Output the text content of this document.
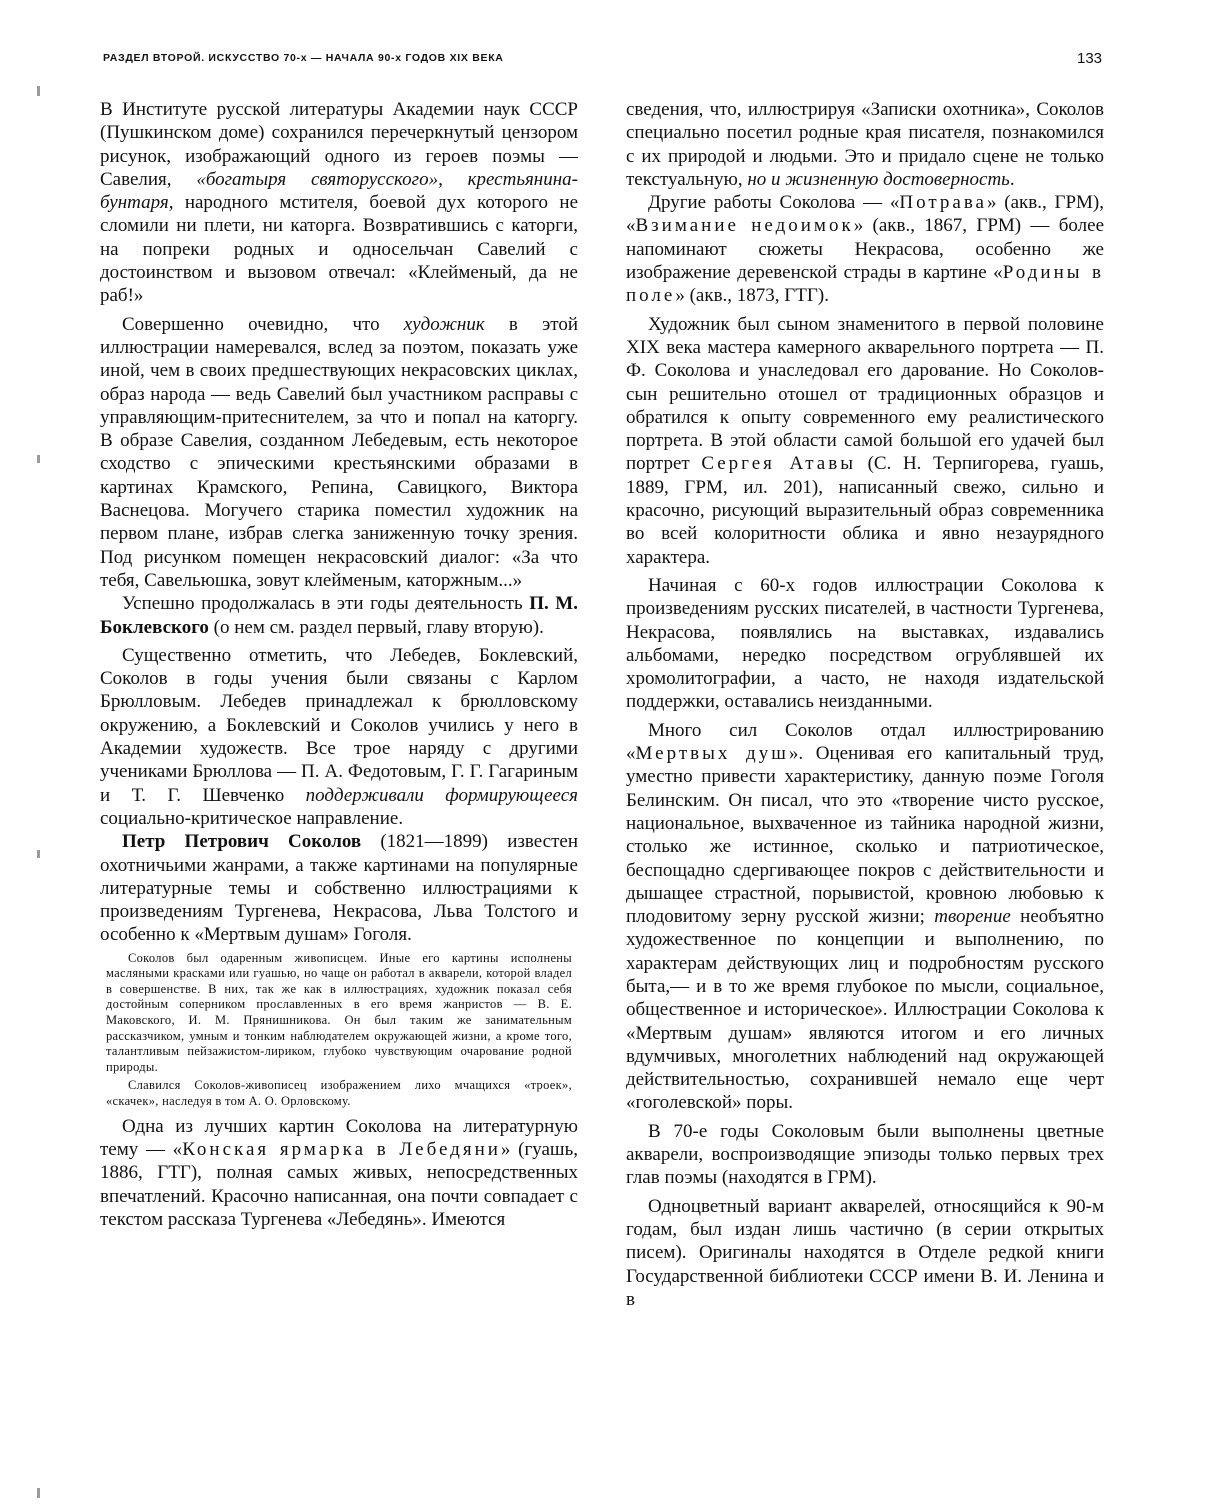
РАЗДЕЛ ВТОРОЙ. ИСКУССТВО 70-х — НАЧАЛА 90-х ГОДОВ XIX ВЕКА	133

В Институте русской литературы Академии наук СССР (Пушкинском доме) сохранился перечеркнутый цензором рисунок, изображающий одного из героев поэмы — Савелия, «богатыря святорусского», крестьянина-бунтаря, народного мстителя, боевой дух которого не сломили ни плети, ни каторга. Возвратившись с каторги, на попреки родных и односельчан Савелий с достоинством и вызовом отвечал: «Клейменый, да не раб!»

Совершенно очевидно, что художник в этой иллюстрации намеревался, вслед за поэтом, показать уже иной, чем в своих предшествующих некрасовских циклах, образ народа — ведь Савелий был участником расправы с управляющим-притеснителем, за что и попал на каторгу. В образе Савелия, созданном Лебедевым, есть некоторое сходство с эпическими крестьянскими образами в картинах Крамского, Репина, Савицкого, Виктора Васнецова. Могучего старика поместил художник на первом плане, избрав слегка заниженную точку зрения. Под рисунком помещен некрасовский диалог: «За что тебя, Савельюшка, зовут клейменым, каторжным...»

Успешно продолжалась в эти годы деятельность П. М. Боклевского (о нем см. раздел первый, главу вторую).

Существенно отметить, что Лебедев, Боклевский, Соколов в годы учения были связаны с Карлом Брюлловым. Лебедев принадлежал к брюлловскому окружению, а Боклевский и Соколов учились у него в Академии художеств. Все трое наряду с другими учениками Брюллова — П. А. Федотовым, Г. Г. Гагариным и Т. Г. Шевченко поддерживали формирующееся социально-критическое направление.

Петр Петрович Соколов (1821—1899) известен охотничьими жанрами, а также картинами на популярные литературные темы и собственно иллюстрациями к произведениям Тургенева, Некрасова, Льва Толстого и особенно к «Мертвым душам» Гоголя.

Соколов был одаренным живописцем. Иные его картины исполнены масляными красками или гуашью, но чаще он работал в акварели, которой владел в совершенстве. В них, так же как в иллюстрациях, художник показал себя достойным соперником прославленных в его время жанристов — В. Е. Маковского, И. М. Прянишникова. Он был таким же занимательным рассказчиком, умным и тонким наблюдателем окружающей жизни, а кроме того, талантливым пейзажистом-лириком, глубоко чувствующим очарование родной природы.

Славился Соколов-живописец изображением лихо мчащихся «троек», «скачек», наследуя в том А. О. Орловскому.

Одна из лучших картин Соколова на литературную тему — «Конская ярмарка в Лебедяни» (гуашь, 1886, ГТГ), полная самых живых, непосредственных впечатлений. Красочно написанная, она почти совпадает с текстом рассказа Тургенева «Лебедянь». Имеются

сведения, что, иллюстрируя «Записки охотника», Соколов специально посетил родные края писателя, познакомился с их природой и людьми. Это и придало сцене не только текстуальную, но и жизненную достоверность.

Другие работы Соколова — «Потрава» (акв., ГРМ), «Взимание недоимок» (акв., 1867, ГРМ) — более напоминают сюжеты Некрасова, особенно же изображение деревенской страды в картине «Родины в поле» (акв., 1873, ГТГ).

Художник был сыном знаменитого в первой половине XIX века мастера камерного акварельного портрета — П. Ф. Соколова и унаследовал его дарование. Но Соколов-сын решительно отошел от традиционных образцов и обратился к опыту современного ему реалистического портрета. В этой области самой большой его удачей был портрет Сергея Атавы (С. Н. Терпигорева, гуашь, 1889, ГРМ, ил. 201), написанный свежо, сильно и красочно, рисующий выразительный образ современника во всей колоритности облика и явно незаурядного характера.

Начиная с 60-х годов иллюстрации Соколова к произведениям русских писателей, в частности Тургенева, Некрасова, появлялись на выставках, издавались альбомами, нередко посредством огрублявшей их хромолитографии, а часто, не находя издательской поддержки, оставались неизданными.

Много сил Соколов отдал иллюстрированию «Мертвых душ». Оценивая его капитальный труд, уместно привести характеристику, данную поэме Гоголя Белинским. Он писал, что это «творение чисто русское, национальное, выхваченное из тайника народной жизни, столько же истинное, сколько и патриотическое, беспощадно сдергивающее покров с действительности и дышащее страстной, порывистой, кровною любовью к плодовитому зерну русской жизни; творение необъятно художественное по концепции и выполнению, по характерам действующих лиц и подробностям русского быта,— и в то же время глубокое по мысли, социальное, общественное и историческое». Иллюстрации Соколова к «Мертвым душам» являются итогом и его личных вдумчивых, многолетних наблюдений над окружающей действительностью, сохранившей немало еще черт «гоголевской» поры.

В 70-е годы Соколовым были выполнены цветные акварели, воспроизводящие эпизоды только первых трех глав поэмы (находятся в ГРМ).

Одноцветный вариант акварелей, относящийся к 90-м годам, был издан лишь частично (в серии открытых писем). Оригиналы находятся в Отделе редкой книги Государственной библиотеки СССР имени В. И. Ленина и в
